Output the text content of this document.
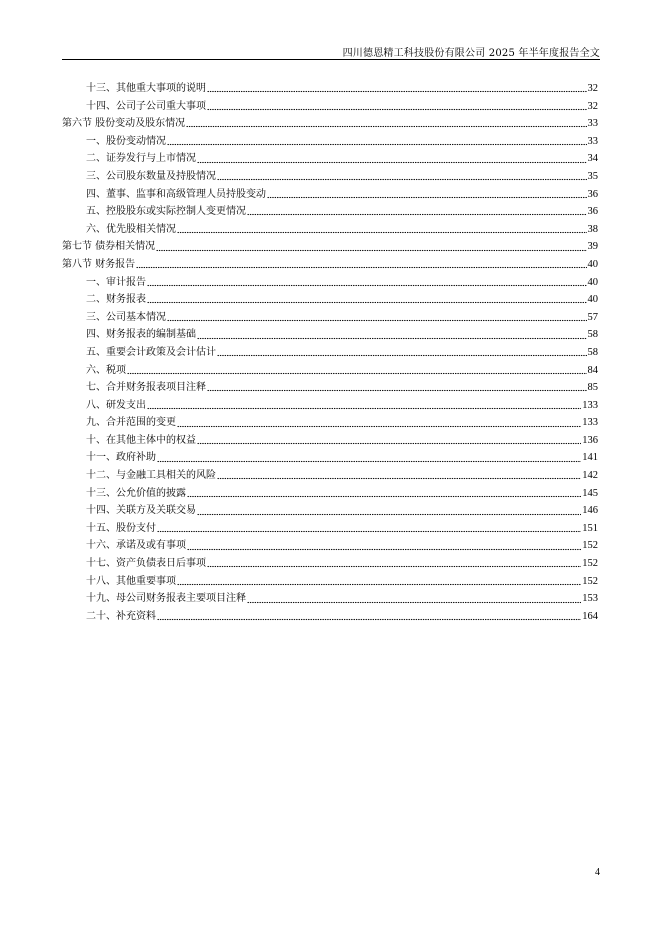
四川德恩精工科技股份有限公司 2025 年半年度报告全文
十三、其他重大事项的说明	32
十四、公司子公司重大事项	32
第六节 股份变动及股东情况	33
一、股份变动情况	33
二、证券发行与上市情况	34
三、公司股东数量及持股情况	35
四、董事、监事和高级管理人员持股变动	36
五、控股股东或实际控制人变更情况	36
六、优先股相关情况	38
第七节 债券相关情况	39
第八节 财务报告	40
一、审计报告	40
二、财务报表	40
三、公司基本情况	57
四、财务报表的编制基础	58
五、重要会计政策及会计估计	58
六、税项	84
七、合并财务报表项目注释	85
八、研发支出	133
九、合并范围的变更	133
十、在其他主体中的权益	136
十一、政府补助	141
十二、与金融工具相关的风险	142
十三、公允价值的披露	145
十四、关联方及关联交易	146
十五、股份支付	151
十六、承诺及或有事项	152
十七、资产负债表日后事项	152
十八、其他重要事项	152
十九、母公司财务报表主要项目注释	153
二十、补充资料	164
4
